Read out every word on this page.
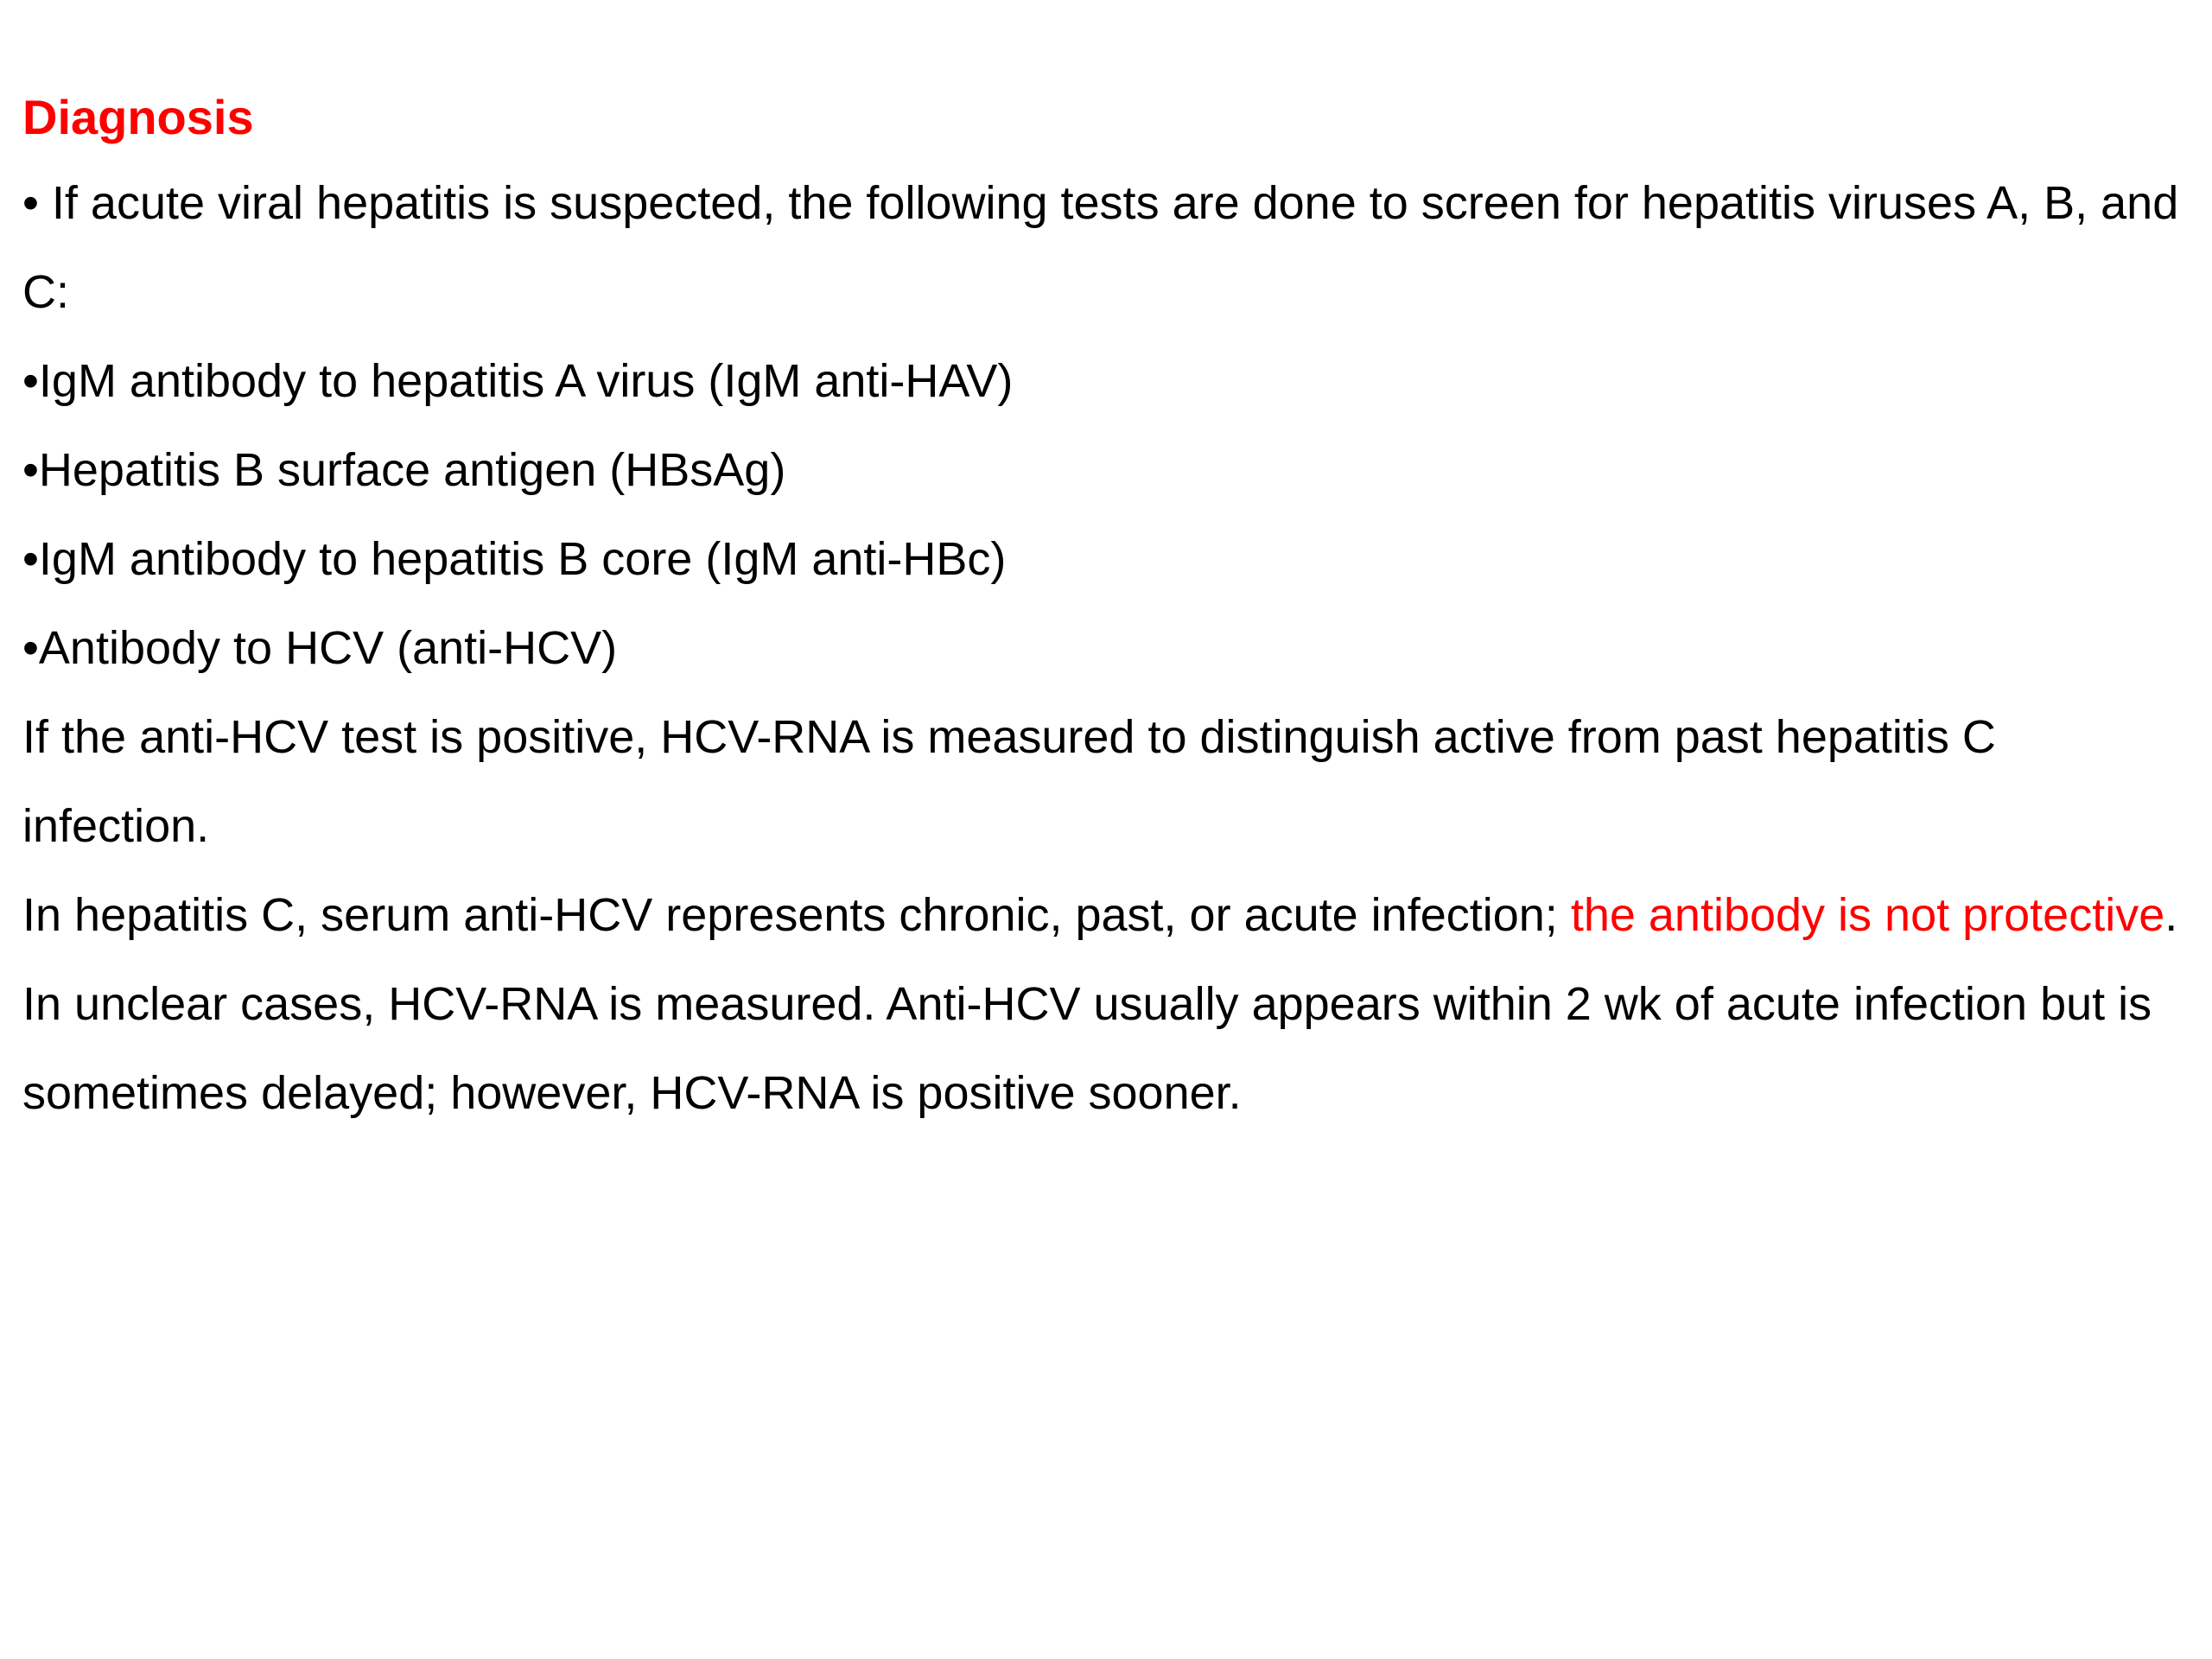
Diagnosis

• If acute viral hepatitis is suspected, the following tests are done to screen for hepatitis viruses A, B, and C:

•IgM antibody to hepatitis A virus (IgM anti-HAV)

•Hepatitis B surface antigen (HBsAg)

•IgM antibody to hepatitis B core (IgM anti-HBc)

•Antibody to HCV (anti-HCV)

If the anti-HCV test is positive, HCV-RNA is measured to distinguish active from past hepatitis C infection.

In hepatitis C, serum anti-HCV represents chronic, past, or acute infection; the antibody is not protective. In unclear cases, HCV-RNA is measured. Anti-HCV usually appears within 2 wk of acute infection but is sometimes delayed; however, HCV-RNA is positive sooner.
